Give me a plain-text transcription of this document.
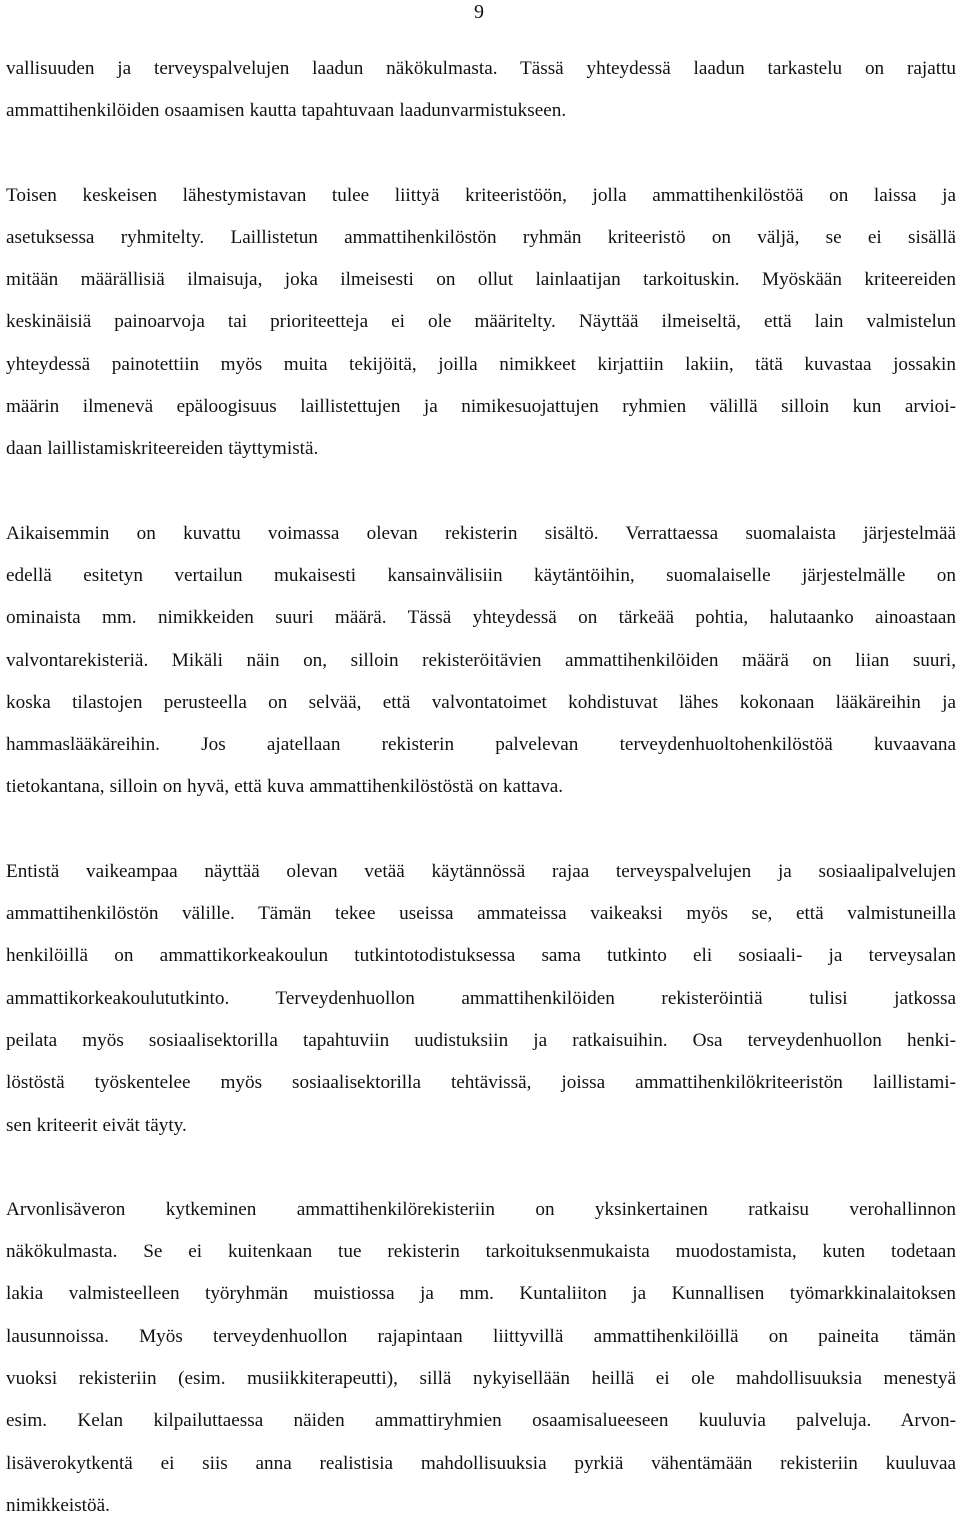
9

vallisuuden ja terveyspalvelujen laadun näkökulmasta. Tässä yhteydessä laadun tarkastelu on rajattu
ammattihenkilöiden osaamisen kautta tapahtuvaan laadunvarmistukseen.

Toisen keskeisen lähestymistavan tulee liittyä kriteeristöön, jolla ammattihenkilöstöä on laissa ja
asetuksessa ryhmitelty. Laillistetun ammattihenkilöstön ryhmän kriteeristö on väljä, se ei sisällä
mitään määrällisiä ilmaisuja, joka ilmeisesti on ollut lainlaatijan tarkoituskin. Myöskään kriteereiden
keskinäisiä painoarvoja tai prioriteetteja ei ole määritelty. Näyttää ilmeiseltä, että lain valmistelun
yhteydessä painotettiin myös muita tekijöitä, joilla nimikkeet kirjattiin lakiin, tätä kuvastaa jossakin
määrin ilmenevä epäloogisuus laillistettujen ja nimikesuojattujen ryhmien välillä silloin kun arvioi-
daan laillistamiskriteereiden täyttymistä.

Aikaisemmin on kuvattu voimassa olevan rekisterin sisältö. Verrattaessa suomalaista järjestelmää
edellä esitetyn vertailun mukaisesti kansainvälisiin käytäntöihin, suomalaiselle järjestelmälle on
ominaista mm. nimikkeiden suuri määrä. Tässä yhteydessä on tärkeää pohtia, halutaanko ainoastaan
valvontarekisteriä. Mikäli näin on, silloin rekisteröitävien ammattihenkilöiden määrä on liian suuri,
koska tilastojen perusteella on selvää, että valvontatoimet kohdistuvat lähes kokonaan lääkäreihin ja
hammaslääkäreihin. Jos ajatellaan rekisterin palvelevan terveydenhuoltohenkilöstöä kuvaavana
tietokantana, silloin on hyvä, että kuva ammattihenkilöstöstä on kattava.

Entistä vaikeampaa näyttää olevan vetää käytännössä rajaa terveyspalvelujen ja sosiaalipalvelujen
ammattihenkilöstön välille. Tämän tekee useissa ammateissa vaikeaksi myös se, että valmistuneilla
henkilöillä on ammattikorkeakoulun tutkintotodistuksessa sama tutkinto eli sosiaali- ja terveysalan
ammattikorkeakoulututkinto. Terveydenhuollon ammattihenkilöiden rekisteröintiä tulisi jatkossa
peilata myös sosiaalisektorilla tapahtuviin uudistuksiin ja ratkaisuihin. Osa terveydenhuollon henki-
löstöstä työskentelee myös sosiaalisektorilla tehtävissä, joissa ammattihenkilökriteeristön laillistami-
sen kriteerit eivät täyty.

Arvonlisäveron kytkeminen ammattihenkilörekisteriin on yksinkertainen ratkaisu verohallinnon
näkökulmasta. Se ei kuitenkaan tue rekisterin tarkoituksenmukaista muodostamista, kuten todetaan
lakia valmisteelleen työryhmän muistiossa ja mm. Kuntaliiton ja Kunnallisen työmarkkinalaitoksen
lausunnoissa. Myös terveydenhuollon rajapintaan liittyvillä ammattihenkilöillä on paineita tämän
vuoksi rekisteriin (esim. musiikkiterapeutti), sillä nykyisellään heillä ei ole mahdollisuuksia menestyä
esim. Kelan kilpailuttaessa näiden ammattiryhmien osaamisalueeseen kuuluvia palveluja. Arvon-
lisäverokytkentä ei siis anna realistisia mahdollisuuksia pyrkiä vähentämään rekisteriin kuuluvaa
nimikkeistöä.
